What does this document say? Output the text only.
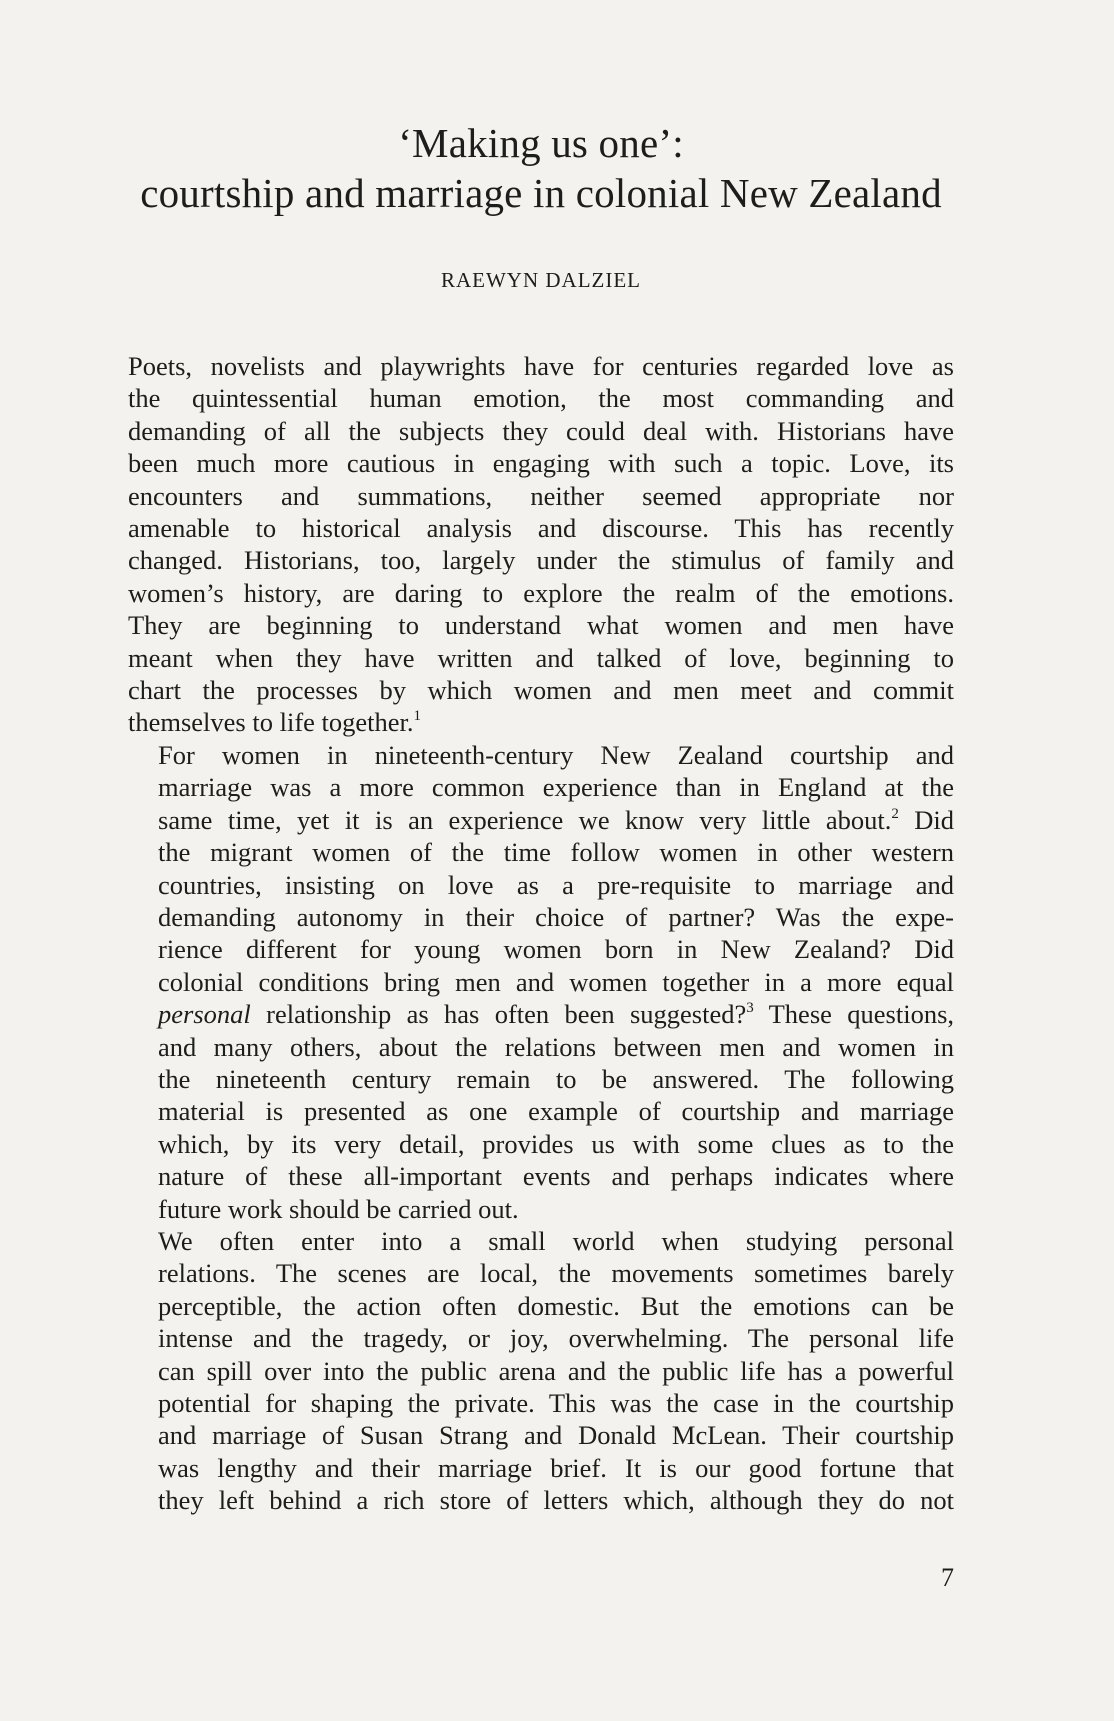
‘Making us one’:
courtship and marriage in colonial New Zealand

RAEWYN DALZIEL

Poets, novelists and playwrights have for centuries regarded love as
the quintessential human emotion, the most commanding and
demanding of all the subjects they could deal with. Historians have
been much more cautious in engaging with such a topic. Love, its
encounters and summations, neither seemed appropriate nor
amenable to historical analysis and discourse. This has recently
changed. Historians, too, largely under the stimulus of family and
women’s history, are daring to explore the realm of the emotions.
They are beginning to understand what women and men have
meant when they have written and talked of love, beginning to
chart the processes by which women and men meet and commit
themselves to life together.$^1$

For women in nineteenth-century New Zealand courtship and
marriage was a more common experience than in England at the
same time, yet it is an experience we know very little about.$^2$ Did
the migrant women of the time follow women in other western
countries, insisting on love as a pre-requisite to marriage and
demanding autonomy in their choice of partner? Was the expe-
rience different for young women born in New Zealand? Did
colonial conditions bring men and women together in a more equal
personal relationship as has often been suggested?$^3$ These questions,
and many others, about the relations between men and women in
the nineteenth century remain to be answered. The following
material is presented as one example of courtship and marriage
which, by its very detail, provides us with some clues as to the
nature of these all-important events and perhaps indicates where
future work should be carried out.

We often enter into a small world when studying personal
relations. The scenes are local, the movements sometimes barely
perceptible, the action often domestic. But the emotions can be
intense and the tragedy, or joy, overwhelming. The personal life
can spill over into the public arena and the public life has a powerful
potential for shaping the private. This was the case in the courtship
and marriage of Susan Strang and Donald McLean. Their courtship
was lengthy and their marriage brief. It is our good fortune that
they left behind a rich store of letters which, although they do not

7
